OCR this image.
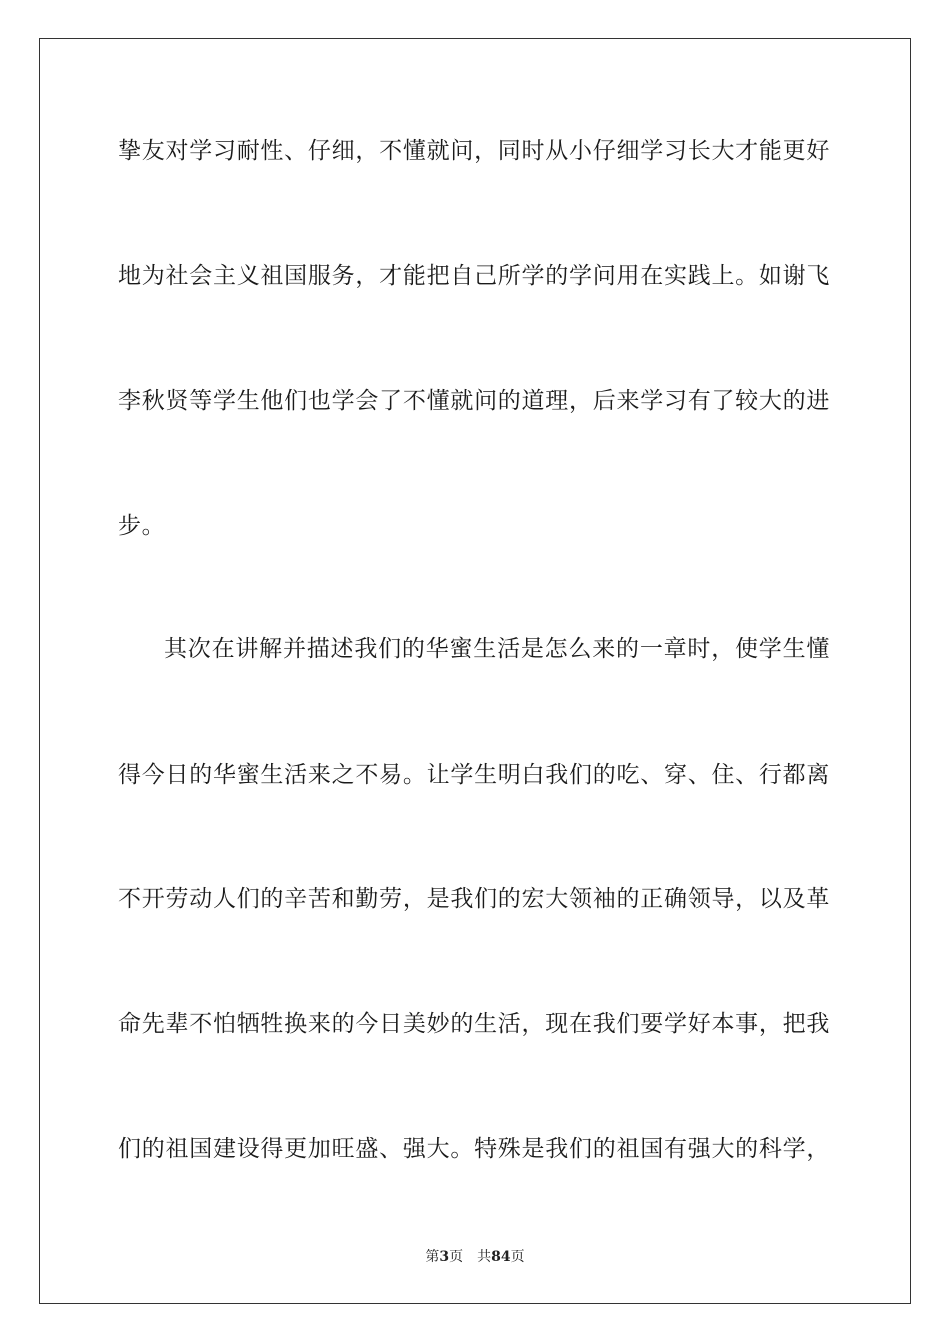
挚友对学习耐性、仔细，不懂就问，同时从小仔细学习长大才能更好
地为社会主义祖国服务，才能把自己所学的学问用在实践上。如谢飞
李秋贤等学生他们也学会了不懂就问的道理，后来学习有了较大的进
步。
其次在讲解并描述我们的华蜜生活是怎么来的一章时，使学生懂
得今日的华蜜生活来之不易。让学生明白我们的吃、穿、住、行都离
不开劳动人们的辛苦和勤劳，是我们的宏大领袖的正确领导，以及革
命先辈不怕牺牲换来的今日美妙的生活，现在我们要学好本事，把我
们的祖国建设得更加旺盛、强大。特殊是我们的祖国有强大的科学，
第3页 共84页
